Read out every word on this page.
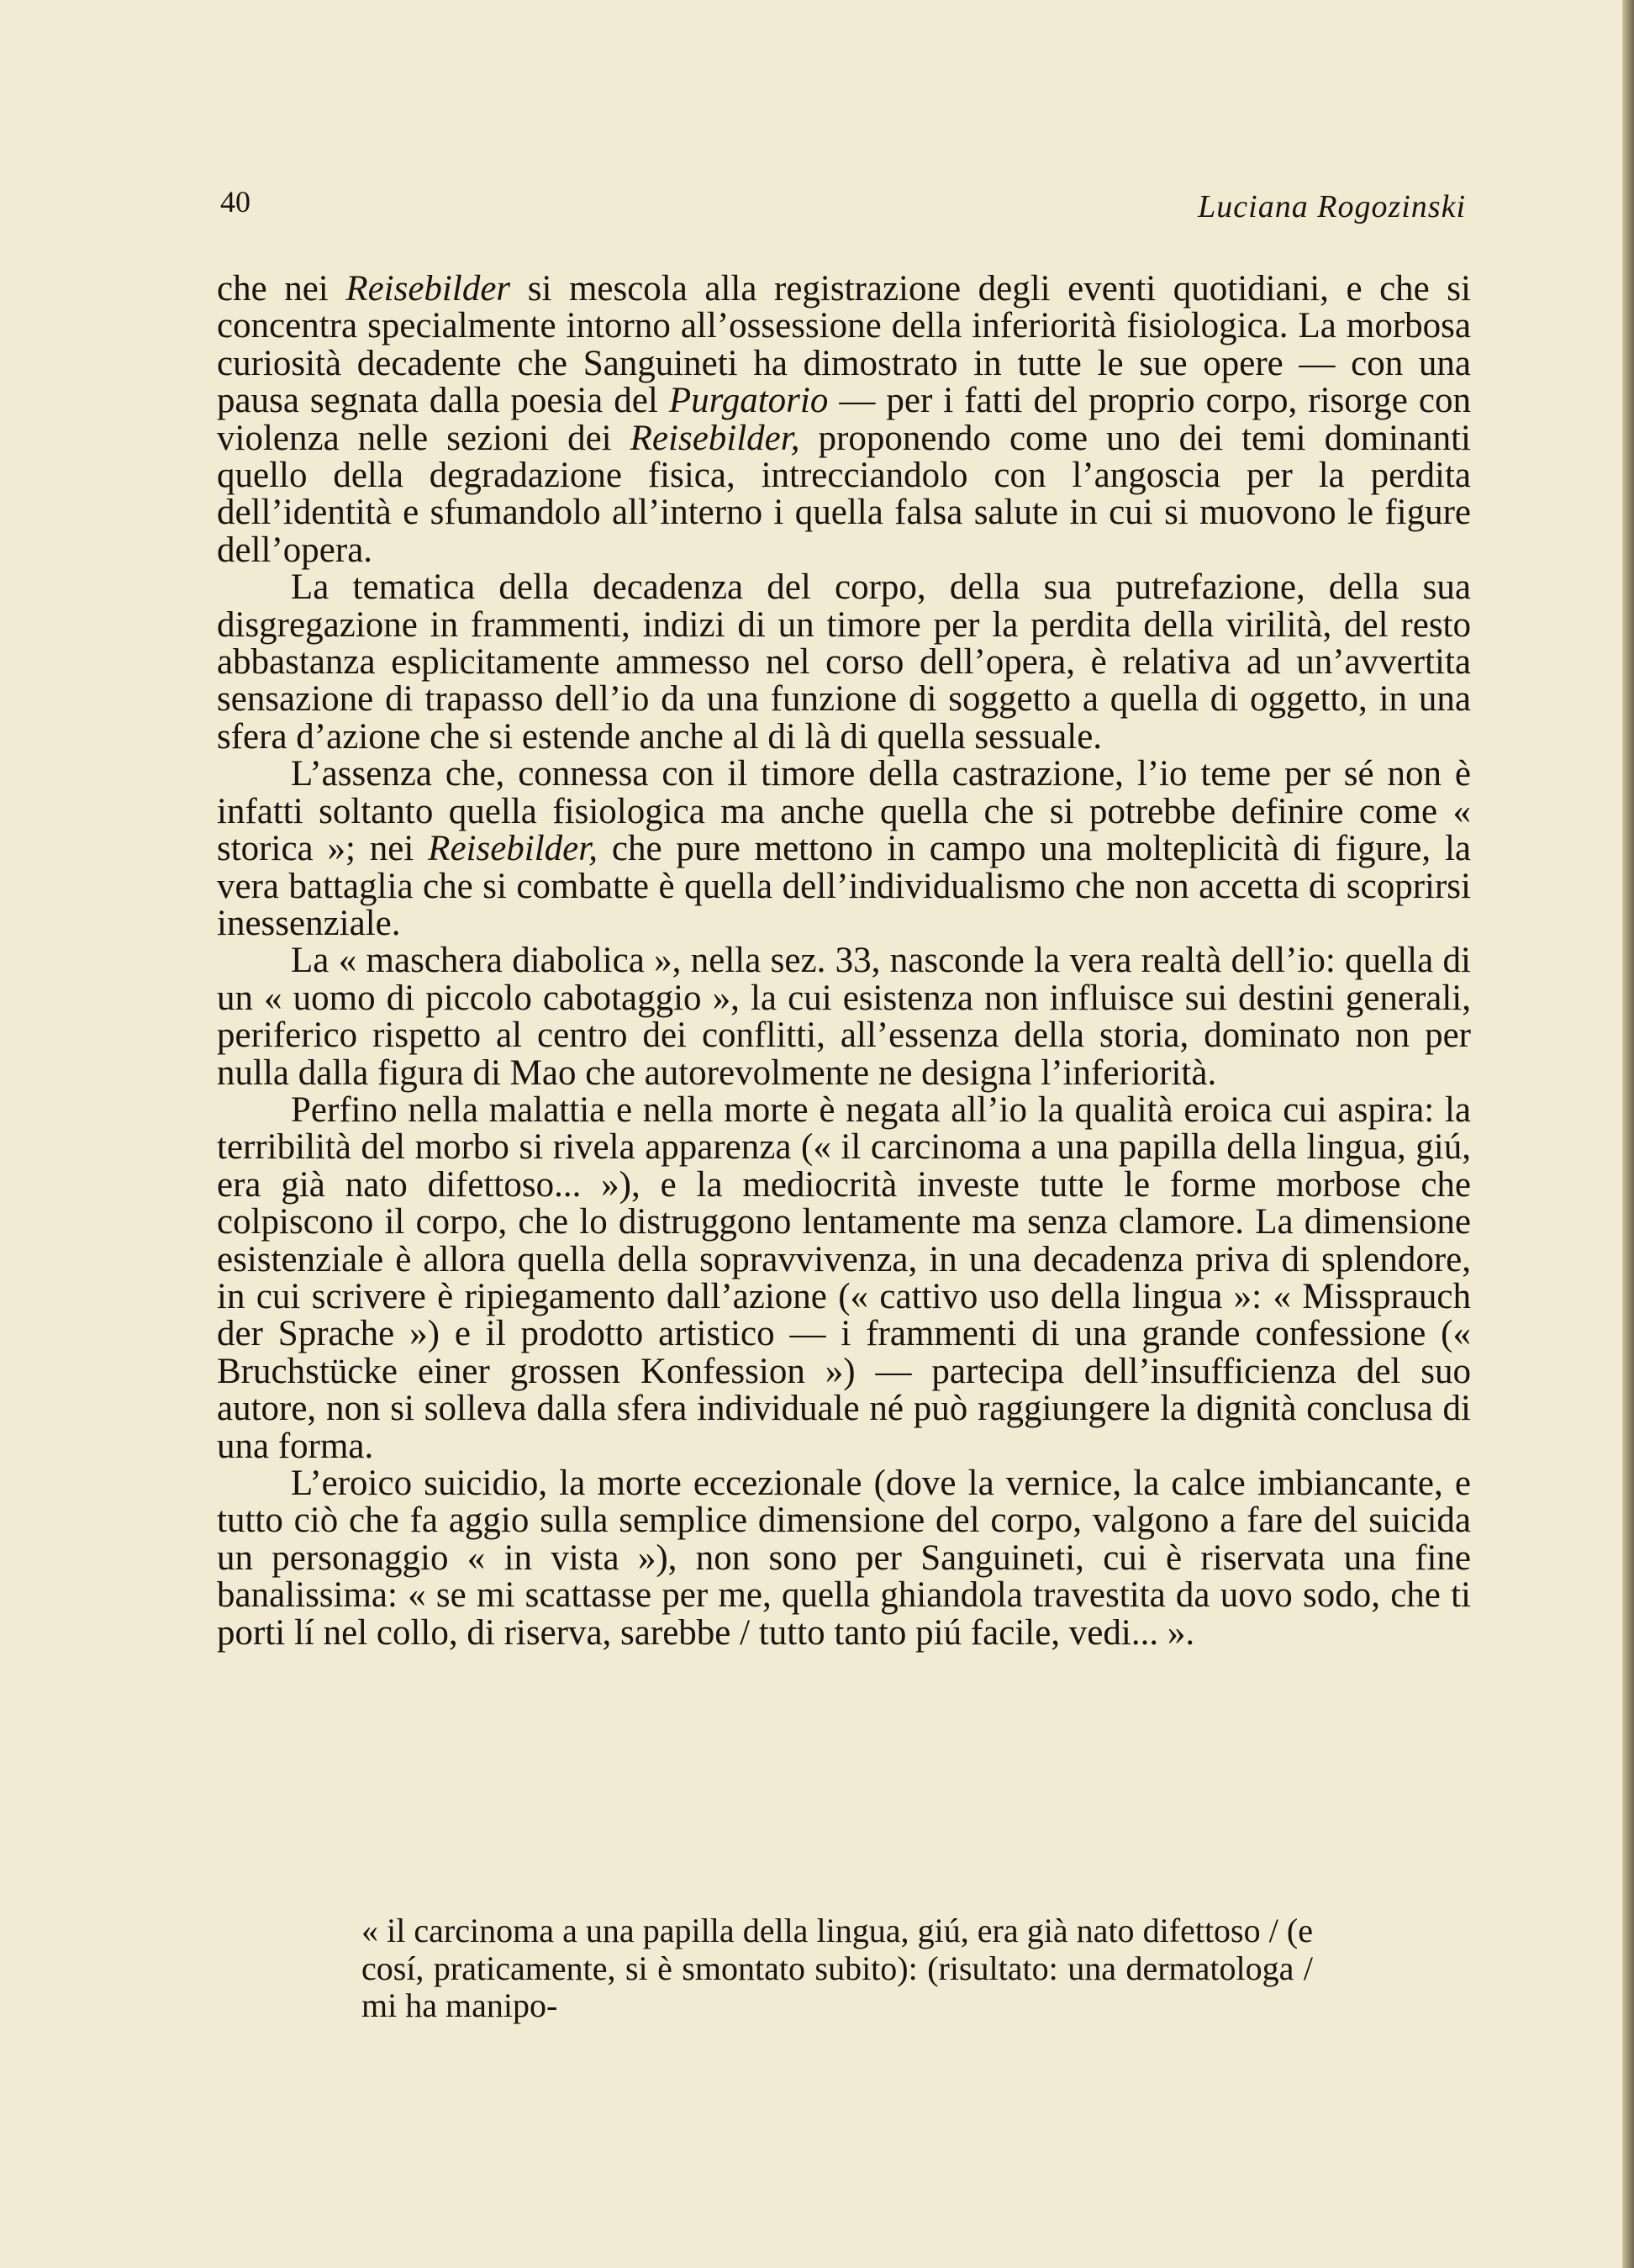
40	Luciana Rogozinski

che nei Reisebilder si mescola alla registrazione degli eventi quotidiani, e che si concentra specialmente intorno all’ossessione della inferiorità fisiologica. La morbosa curiosità decadente che Sanguineti ha dimostrato in tutte le sue opere — con una pausa segnata dalla poesia del Purgatorio — per i fatti del proprio corpo, risorge con violenza nelle sezioni dei Reisebilder, proponendo come uno dei temi dominanti quello della degradazione fisica, intrecciandolo con l’angoscia per la perdita dell’identità e sfumandolo all’interno i quella falsa salute in cui si muovono le figure dell’opera.

La tematica della decadenza del corpo, della sua putrefazione, della sua disgregazione in frammenti, indizi di un timore per la perdita della virilità, del resto abbastanza esplicitamente ammesso nel corso dell’opera, è relativa ad un’avvertita sensazione di trapasso dell’io da una funzione di soggetto a quella di oggetto, in una sfera d’azione che si estende anche al di là di quella sessuale.

L’assenza che, connessa con il timore della castrazione, l’io teme per sé non è infatti soltanto quella fisiologica ma anche quella che si potrebbe definire come « storica »; nei Reisebilder, che pure mettono in campo una molteplicità di figure, la vera battaglia che si combatte è quella dell’individualismo che non accetta di scoprirsi inessenziale.

La « maschera diabolica », nella sez. 33, nasconde la vera realtà dell’io: quella di un « uomo di piccolo cabotaggio », la cui esistenza non influisce sui destini generali, periferico rispetto al centro dei conflitti, all’essenza della storia, dominato non per nulla dalla figura di Mao che autorevolmente ne designa l’inferiorità.

Perfino nella malattia e nella morte è negata all’io la qualità eroica cui aspira: la terribilità del morbo si rivela apparenza (« il carcinoma a una papilla della lingua, giú, era già nato difettoso... »), e la mediocrità investe tutte le forme morbose che colpiscono il corpo, che lo distruggono lentamente ma senza clamore. La dimensione esistenziale è allora quella della sopravvivenza, in una decadenza priva di splendore, in cui scrivere è ripiegamento dall’azione (« cattivo uso della lingua »: « Missprauch der Sprache ») e il prodotto artistico — i frammenti di una grande confessione (« Bruchstücke einer grossen Konfession ») — partecipa dell’insufficienza del suo autore, non si solleva dalla sfera individuale né può raggiungere la dignità conclusa di una forma.

L’eroico suicidio, la morte eccezionale (dove la vernice, la calce imbiancante, e tutto ciò che fa aggio sulla semplice dimensione del corpo, valgono a fare del suicida un personaggio « in vista »), non sono per Sanguineti, cui è riservata una fine banalissima: « se mi scattasse per me, quella ghiandola travestita da uovo sodo, che ti porti lí nel collo, di riserva, sarebbe / tutto tanto piú facile, vedi... ».

« il carcinoma a una papilla della lingua, giú, era già nato difettoso / (e cosí, praticamente, si è smontato subito): (risultato: una dermatologa / mi ha manipo-
